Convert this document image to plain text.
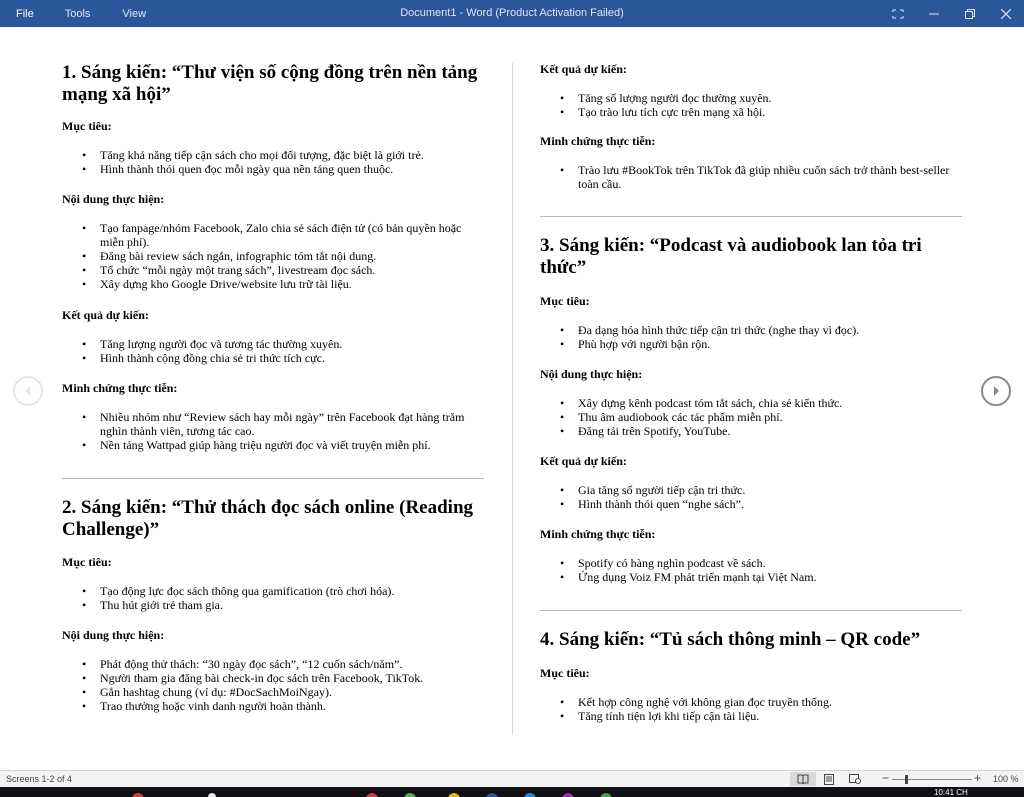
File	Tools	View	Document1 - Word (Product Activation Failed)
1. Sáng kiến: “Thư viện số cộng đồng trên nền tảng mạng xã hội”
Mục tiêu:
• Tăng khả năng tiếp cận sách cho mọi đối tượng, đặc biệt là giới trẻ.
• Hình thành thói quen đọc mỗi ngày qua nền tảng quen thuộc.
Nội dung thực hiện:
• Tạo fanpage/nhóm Facebook, Zalo chia sẻ sách điện tử (có bản quyền hoặc miễn phí).
• Đăng bài review sách ngắn, infographic tóm tắt nội dung.
• Tổ chức “mỗi ngày một trang sách”, livestream đọc sách.
• Xây dựng kho Google Drive/website lưu trữ tài liệu.
Kết quả dự kiến:
• Tăng lượng người đọc và tương tác thường xuyên.
• Hình thành cộng đồng chia sẻ tri thức tích cực.
Minh chứng thực tiễn:
• Nhiều nhóm như “Review sách hay mỗi ngày” trên Facebook đạt hàng trăm nghìn thành viên, tương tác cao.
• Nền tảng Wattpad giúp hàng triệu người đọc và viết truyện miễn phí.
2. Sáng kiến: “Thử thách đọc sách online (Reading Challenge)”
Mục tiêu:
• Tạo động lực đọc sách thông qua gamification (trò chơi hóa).
• Thu hút giới trẻ tham gia.
Nội dung thực hiện:
• Phát động thử thách: “30 ngày đọc sách”, “12 cuốn sách/năm”.
• Người tham gia đăng bài check-in đọc sách trên Facebook, TikTok.
• Gắn hashtag chung (ví dụ: #DocSachMoiNgay).
• Trao thưởng hoặc vinh danh người hoàn thành.
Kết quả dự kiến:
• Tăng số lượng người đọc thường xuyên.
• Tạo trào lưu tích cực trên mạng xã hội.
Minh chứng thực tiễn:
• Trào lưu #BookTok trên TikTok đã giúp nhiều cuốn sách trở thành best-seller toàn cầu.
3. Sáng kiến: “Podcast và audiobook lan tỏa tri thức”
Mục tiêu:
• Đa dạng hóa hình thức tiếp cận tri thức (nghe thay vì đọc).
• Phù hợp với người bận rộn.
Nội dung thực hiện:
• Xây dựng kênh podcast tóm tắt sách, chia sẻ kiến thức.
• Thu âm audiobook các tác phẩm miễn phí.
• Đăng tải trên Spotify, YouTube.
Kết quả dự kiến:
• Gia tăng số người tiếp cận tri thức.
• Hình thành thói quen “nghe sách”.
Minh chứng thực tiễn:
• Spotify có hàng nghìn podcast về sách.
• Ứng dụng Voiz FM phát triển mạnh tại Việt Nam.
4. Sáng kiến: “Tủ sách thông minh – QR code”
Mục tiêu:
• Kết hợp công nghệ với không gian đọc truyền thống.
• Tăng tính tiện lợi khi tiếp cận tài liệu.
Screens 1-2 of 4	−	+ 100 %
10:41 CH
